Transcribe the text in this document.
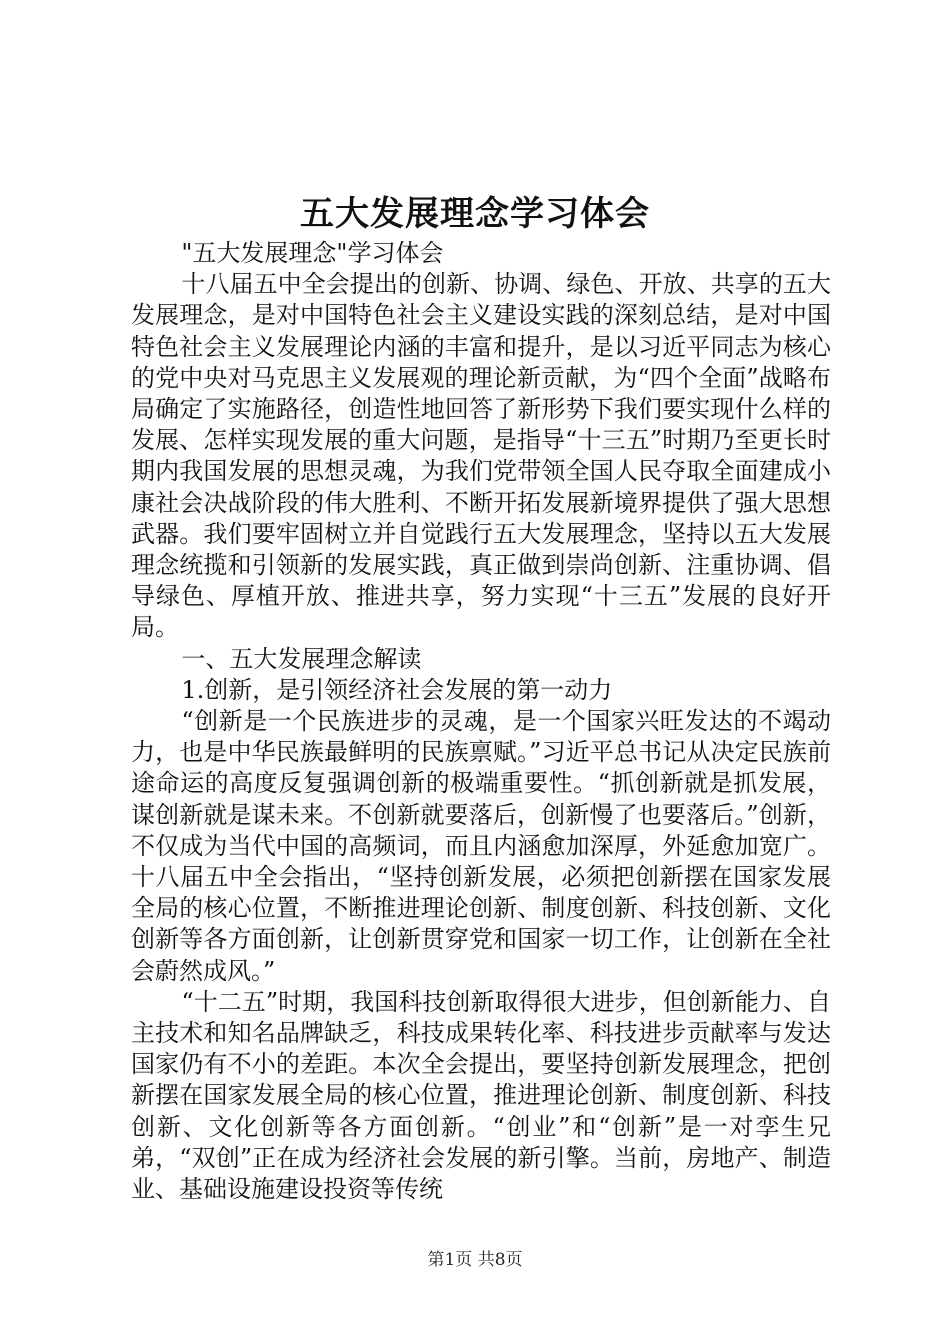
五大发展理念学习体会

"五大发展理念"学习体会

十八届五中全会提出的创新、协调、绿色、开放、共享的五大发展理念，是对中国特色社会主义建设实践的深刻总结，是对中国特色社会主义发展理论内涵的丰富和提升，是以习近平同志为核心的党中央对马克思主义发展观的理论新贡献，为“四个全面”战略布局确定了实施路径，创造性地回答了新形势下我们要实现什么样的发展、怎样实现发展的重大问题，是指导“十三五”时期乃至更长时期内我国发展的思想灵魂，为我们党带领全国人民夺取全面建成小康社会决战阶段的伟大胜利、不断开拓发展新境界提供了强大思想武器。我们要牢固树立并自觉践行五大发展理念，坚持以五大发展理念统揽和引领新的发展实践，真正做到崇尚创新、注重协调、倡导绿色、厚植开放、推进共享，努力实现“十三五”发展的良好开局。

一、五大发展理念解读

1.创新，是引领经济社会发展的第一动力

“创新是一个民族进步的灵魂，是一个国家兴旺发达的不竭动力，也是中华民族最鲜明的民族禀赋。”习近平总书记从决定民族前途命运的高度反复强调创新的极端重要性。“抓创新就是抓发展，谋创新就是谋未来。不创新就要落后，创新慢了也要落后。”创新，不仅成为当代中国的高频词，而且内涵愈加深厚，外延愈加宽广。十八届五中全会指出，“坚持创新发展，必须把创新摆在国家发展全局的核心位置，不断推进理论创新、制度创新、科技创新、文化创新等各方面创新，让创新贯穿党和国家一切工作，让创新在全社会蔚然成风。”

“十二五”时期，我国科技创新取得很大进步，但创新能力、自主技术和知名品牌缺乏，科技成果转化率、科技进步贡献率与发达国家仍有不小的差距。本次全会提出，要坚持创新发展理念，把创新摆在国家发展全局的核心位置，推进理论创新、制度创新、科技创新、文化创新等各方面创新。“创业”和“创新”是一对孪生兄弟，“双创”正在成为经济社会发展的新引擎。当前，房地产、制造业、基础设施建设投资等传统

第1页 共8页
